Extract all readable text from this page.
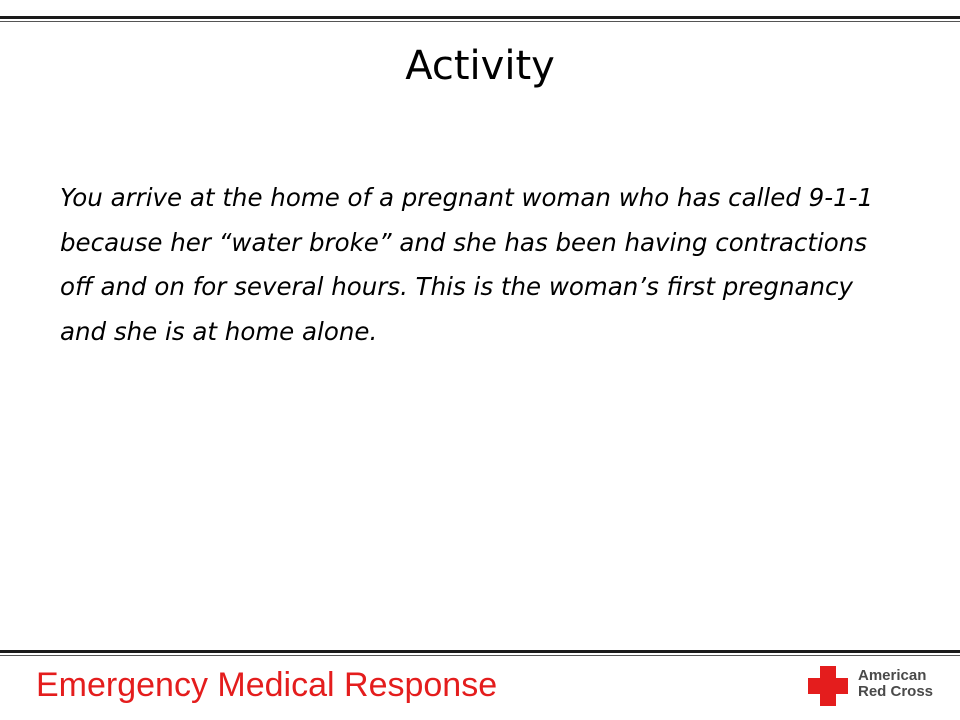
Activity

You arrive at the home of a pregnant woman who has called 9-1-1 because her “water broke” and she has been having contractions off and on for several hours. This is the woman’s first pregnancy and she is at home alone.

Emergency Medical Response	American
Red Cross
